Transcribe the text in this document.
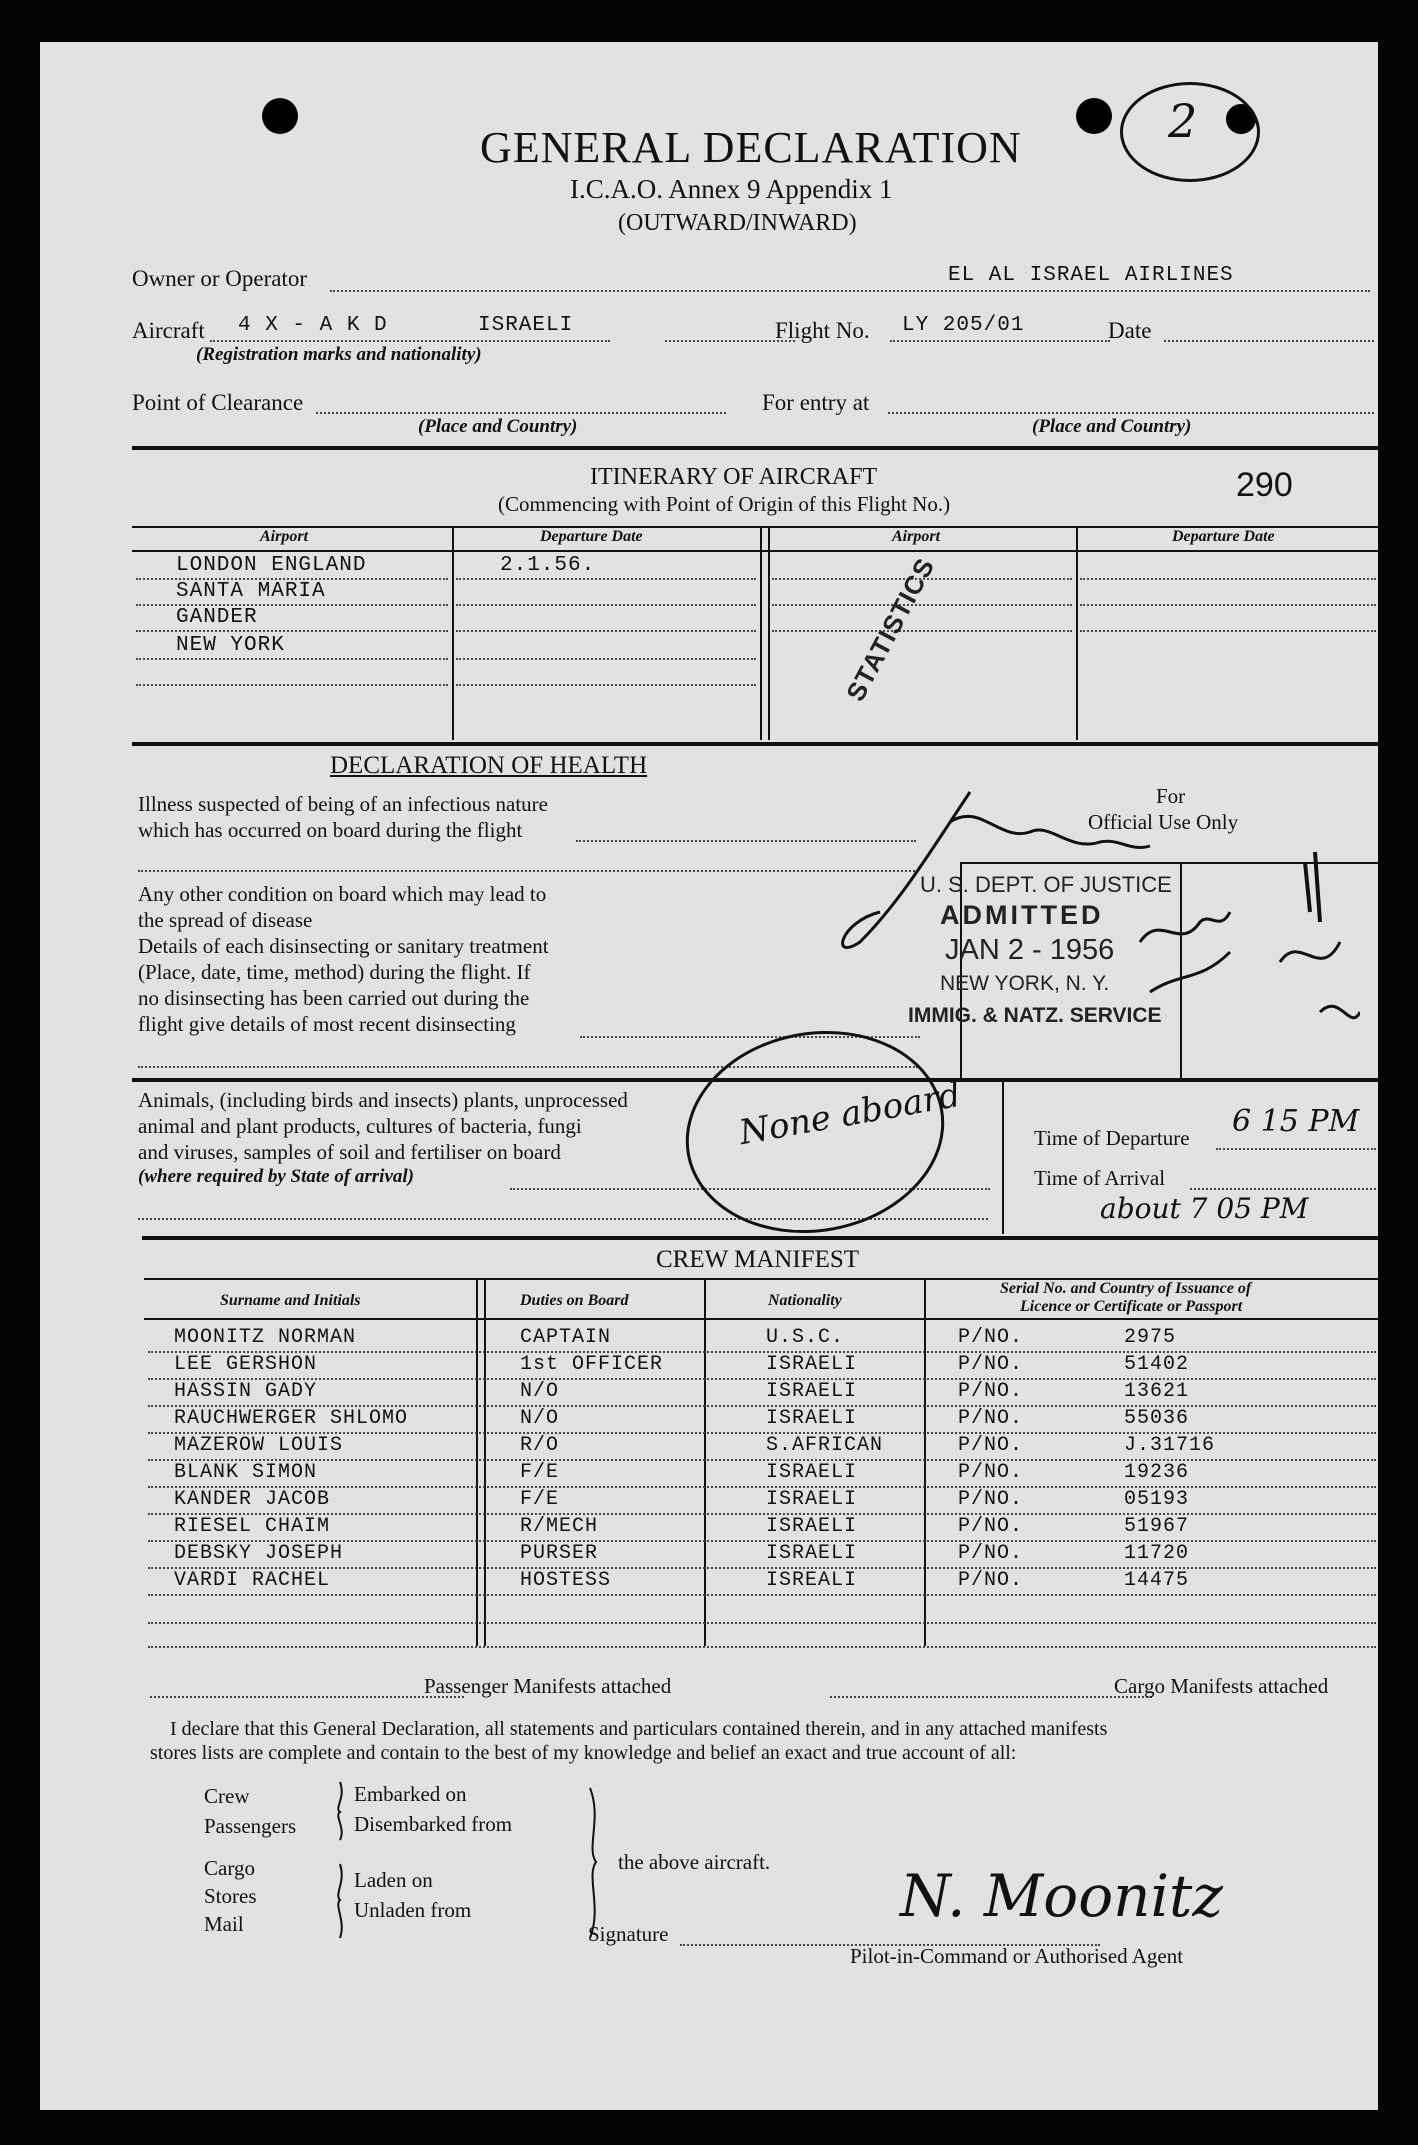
2
GENERAL DECLARATION
I.C.A.O. Annex 9 Appendix 1
(OUTWARD/INWARD)
Owner or Operator	EL AL ISRAEL AIRLINES
Aircraft 4 X - A K D	ISRAELI
(Registration marks and nationality)
Flight No. LY 205/01	Date
Point of Clearance
(Place and Country)
For entry at
(Place and Country)
ITINERARY OF AIRCRAFT
(Commencing with Point of Origin of this Flight No.)	290
Airport	Departure Date	Airport	Departure Date
LONDON ENGLAND	2.1.56.
SANTA MARIA
GANDER
NEW YORK	STATISTICS
DECLARATION OF HEALTH
Illness suspected of being of an infectious nature
which has occurred on board during the flight
Any other condition on board which may lead to
the spread of disease
Details of each disinsecting or sanitary treatment
(Place, date, time, method) during the flight. If
no disinsecting has been carried out during the
flight give details of most recent disinsecting
For
Official Use Only
U. S. DEPT. OF JUSTICE
ADMITTED
JAN 2 - 1956
NEW YORK, N. Y.
IMMIG. & NATZ. SERVICE
Animals, (including birds and insects) plants, unprocessed
animal and plant products, cultures of bacteria, fungi
and viruses, samples of soil and fertiliser on board
(where required by State of arrival)
None aboard	Time of Departure 6 15 PM
Time of Arrival
about 7 05 PM
CREW MANIFEST
Surname and Initials	Duties on Board	Nationality
Serial No. and Country of Issuance of
Licence or Certificate or Passport
MOONITZ NORMAN	CAPTAIN	U.S.C.	P/NO.	2975
LEE GERSHON	1st OFFICER	ISRAELI	P/NO.	51402
HASSIN GADY	N/O	ISRAELI	P/NO.	13621
RAUCHWERGER SHLOMO	N/O	ISRAELI	P/NO.	55036
MAZEROW LOUIS	R/O	S.AFRICAN	P/NO.	J.31716
BLANK SIMON	F/E	ISRAELI	P/NO.	19236
KANDER JACOB	F/E	ISRAELI	P/NO.	05193
RIESEL CHAIM	R/MECH	ISRAELI	P/NO.	51967
DEBSKY JOSEPH	PURSER	ISRAELI	P/NO.	11720
VARDI RACHEL	HOSTESS	ISREALI	P/NO.	14475
Passenger Manifests attached	Cargo Manifests attached
I declare that this General Declaration, all statements and particulars contained therein, and in any attached manifests
stores lists are complete and contain to the best of my knowledge and belief an exact and true account of all:
Crew
Passengers
Embarked on
Disembarked from
Cargo
Stores
Mail
Laden on
Unladen from
the above aircraft.
Signature
Pilot-in-Command or Authorised Agent
N. Moonitz
